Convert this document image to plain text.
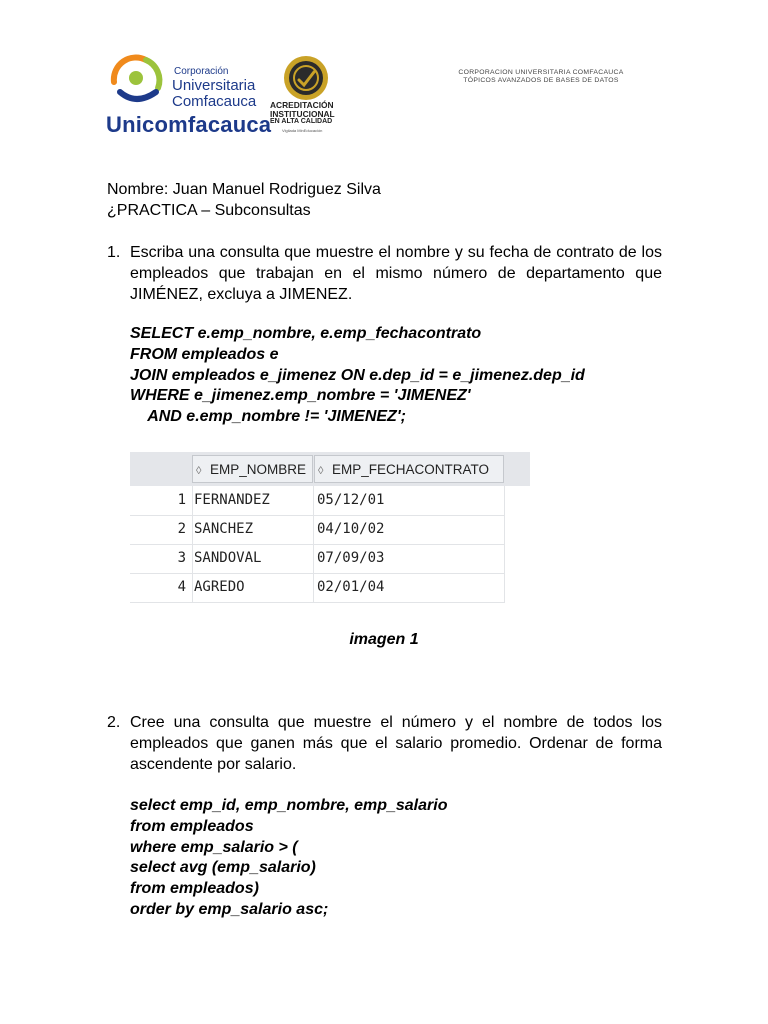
Corporación
Universitaria
Comfacauca
Unicomfacauca
ACREDITACIÓN
INSTITUCIONAL
EN ALTA CALIDAD
Vigilada MinEducación
CORPORACION UNIVERSITARIA COMFACAUCA
TÓPICOS AVANZADOS DE BASES DE DATOS
Nombre: Juan Manuel Rodriguez Silva
¿PRACTICA – Subconsultas
1. Escriba una consulta que muestre el nombre y su fecha de contrato de los empleados que trabajan en el mismo número de departamento que JIMÉNEZ, excluya a JIMENEZ.
SELECT e.emp_nombre, e.emp_fechacontrato
FROM empleados e
JOIN empleados e_jimenez ON e.dep_id = e_jimenez.dep_id
WHERE e_jimenez.emp_nombre = 'JIMENEZ'
AND e.emp_nombre != 'JIMENEZ';
◊ EMP_NOMBRE	◊ EMP_FECHACONTRATO
1 FERNANDEZ	05/12/01
2 SANCHEZ	04/10/02
3 SANDOVAL	07/09/03
4 AGREDO	02/01/04
imagen 1
2. Cree una consulta que muestre el número y el nombre de todos los empleados que ganen más que el salario promedio. Ordenar de forma ascendente por salario.
select emp_id, emp_nombre, emp_salario
from empleados
where emp_salario > (
select avg (emp_salario)
from empleados)
order by emp_salario asc;
